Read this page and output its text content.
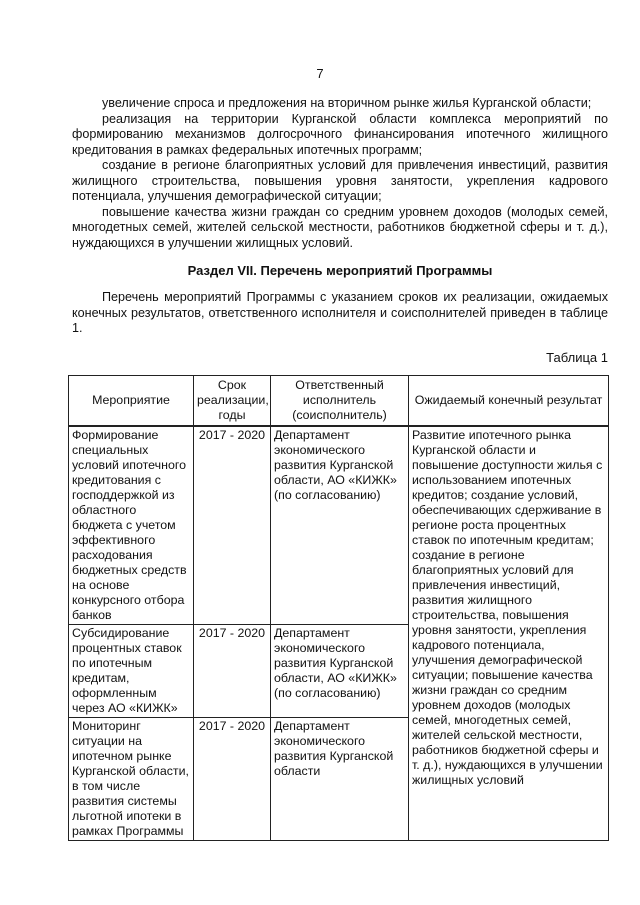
7

увеличение спроса и предложения на вторичном рынке жилья Курганской области;

реализация на территории Курганской области комплекса мероприятий по формированию механизмов долгосрочного финансирования ипотечного жилищного кредитования в рамках федеральных ипотечных программ;

создание в регионе благоприятных условий для привлечения инвестиций, развития жилищного строительства, повышения уровня занятости, укрепления кадрового потенциала, улучшения демографической ситуации;

повышение качества жизни граждан со средним уровнем доходов (молодых семей, многодетных семей, жителей сельской местности, работников бюджетной сферы и т. д.), нуждающихся в улучшении жилищных условий.

Раздел VII. Перечень мероприятий Программы

Перечень мероприятий Программы с указанием сроков их реализации, ожидаемых конечных результатов, ответственного исполнителя и соисполнителей приведен в таблице 1.

Таблица 1
Мероприятие	Срок реализации, годы	Ответственный исполнитель (соисполнитель)	Ожидаемый конечный результат
Формирование специальных условий ипотечного кредитования с господдержкой из областного бюджета с учетом эффективного расходования бюджетных средств на основе конкурсного отбора банков	2017 - 2020	Департамент экономического развития Курганской области, АО «КИЖК» (по согласованию)	Развитие ипотечного рынка Курганской области и повышение доступности жилья с использованием ипотечных кредитов; создание условий, обеспечивающих сдерживание в регионе роста процентных ставок по ипотечным кредитам; создание в регионе благоприятных условий для привлечения инвестиций, развития жилищного строительства, повышения уровня занятости, укрепления кадрового потенциала, улучшения демографической ситуации; повышение качества жизни граждан со средним уровнем доходов (молодых семей, многодетных семей, жителей сельской местности, работников бюджетной сферы и т. д.), нуждающихся в улучшении жилищных условий
Субсидирование процентных ставок по ипотечным кредитам, оформленным через АО «КИЖК»	2017 - 2020	Департамент экономического развития Курганской области, АО «КИЖК» (по согласованию)	
Мониторинг ситуации на ипотечном рынке Курганской области, в том числе развития системы льготной ипотеки в рамках Программы	2017 - 2020	Департамент экономического развития Курганской области	
